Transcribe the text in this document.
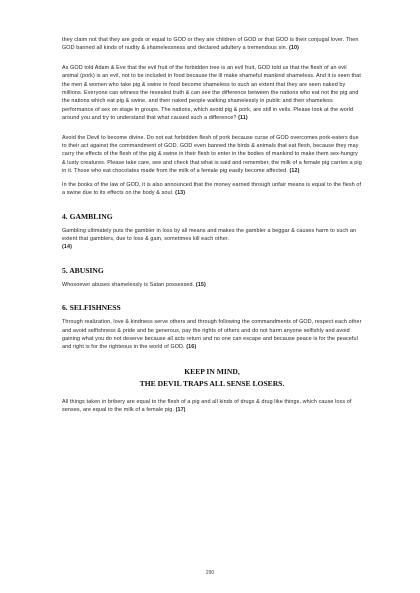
they claim not that they are gods or equal to GOD or they are children of GOD or that GOD is their conjugal lover. Then GOD banned all kinds of nudity & shamelessness and declared adultery a tremendous sin. (10)

As GOD told Adam & Eve that the evil fruit of the forbidden tree is an evil fruit, GOD told us that the flesh of an evil animal (pork) is an evil, not to be included in food because the ill make shameful mankind shameless. And it is seen that the men & women who take pig & swine in food become shameless to such an extent that they are seen naked by millions. Everyone can witness the revealed truth & can see the difference between the nations who eat not the pig and the nations which eat pig & swine, and their naked people walking shamelessly in public and their shameless performance of sex on stage in groups. The nations, which avoid pig & pork, are still in veils. Please look at the world around you and try to understand that what caused such a difference? (11)

Avoid the Devil to become divine. Do not eat forbidden flesh of pork because curse of GOD overcomes pork-eaters due to their act against the commandment of GOD. GOD even banned the birds & animals that eat flesh, because they may carry the effects of the flesh of the pig & swine in their flesh to enter in the bodies of mankind to make them sex-hungry & lusty creatures. Please take care, see and check that what is said and remember, the milk of a female pig carries a pig in it. Those who eat chocolates made from the milk of a female pig easily become affected. (12)

In the books of the law of GOD, it is also announced that the money earned through unfair means is equal to the flesh of a swine due to its effects on the body & soul. (13)

4. GAMBLING

Gambling ultimately puts the gambler in loss by all means and makes the gambler a beggar & causes harm to such an extent that gamblers, due to loss & gain, sometimes kill each other.
(14)

5. ABUSING

Whosoever abuses shamelessly is Satan possessed. (15)

6. SELFISHNESS

Through realization, love & kindness serve others and through following the commandments of GOD, respect each other and avoid selfishness & pride and be generous, pay the rights of others and do not harm anyone selfishly and avoid gaining what you do not deserve because all acts return and no one can escape and because peace is for the peaceful and right is for the righteous in the world of GOD. (16)

KEEP IN MIND,
THE DEVIL TRAPS ALL SENSE LOSERS.

All things taken in bribery are equal to the flesh of a pig and all kinds of drugs & drug like things, which cause loss of senses, are equal to the milk of a female pig. (17)

290
